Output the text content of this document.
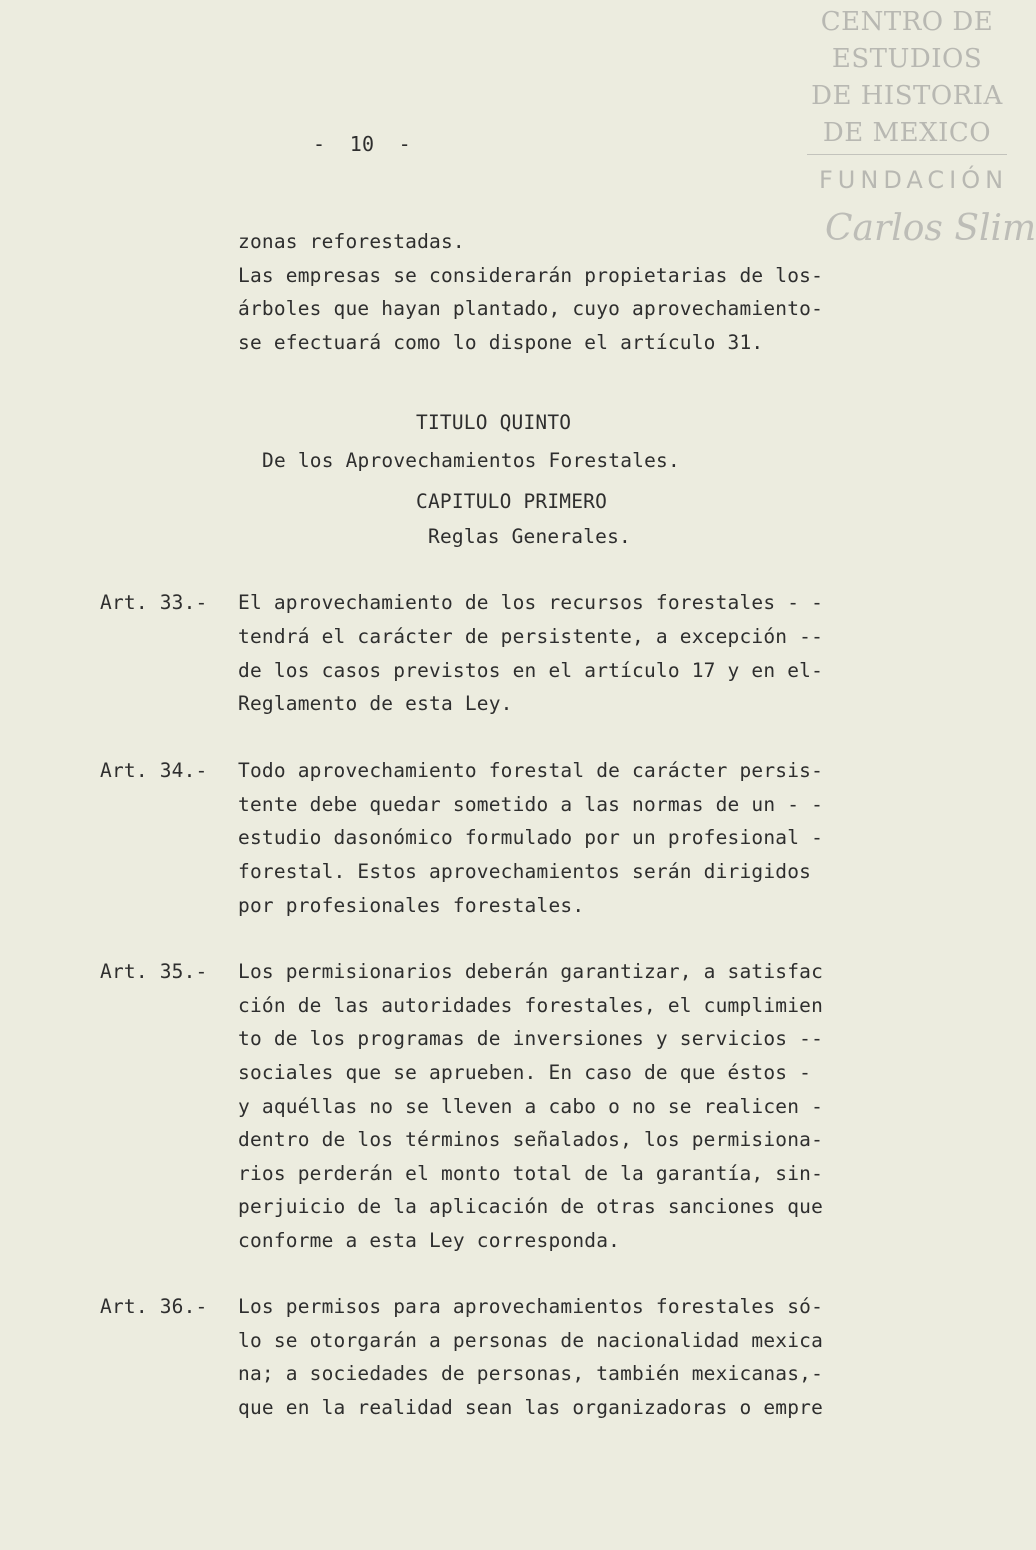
CENTRO DE
ESTUDIOS
DE HISTORIA
DE MEXICO
FUNDACIÓN
Carlos Slim
-  10  -
zonas reforestadas.
Las empresas se considerarán propietarias de los-
árboles que hayan plantado, cuyo aprovechamiento-
se efectuará como lo dispone el artículo 31.
TITULO QUINTO
De los Aprovechamientos Forestales.
CAPITULO PRIMERO
Reglas Generales.
Art. 33.- El aprovechamiento de los recursos forestales - -
tendrá el carácter de persistente, a excepción --
de los casos previstos en el artículo 17 y en el-
Reglamento de esta Ley.
Art. 34.- Todo aprovechamiento forestal de carácter persis-
tente debe quedar sometido a las normas de un - -
estudio dasonómico formulado por un profesional -
forestal. Estos aprovechamientos serán dirigidos
por profesionales forestales.
Art. 35.- Los permisionarios deberán garantizar, a satisfac
ción de las autoridades forestales, el cumplimien
to de los programas de inversiones y servicios --
sociales que se aprueben. En caso de que éstos -
y aquéllas no se lleven a cabo o no se realicen -
dentro de los términos señalados, los permisiona-
rios perderán el monto total de la garantía, sin-
perjuicio de la aplicación de otras sanciones que
conforme a esta Ley corresponda.
Art. 36.- Los permisos para aprovechamientos forestales só-
lo se otorgarán a personas de nacionalidad mexica
na; a sociedades de personas, también mexicanas,-
que en la realidad sean las organizadoras o empre
